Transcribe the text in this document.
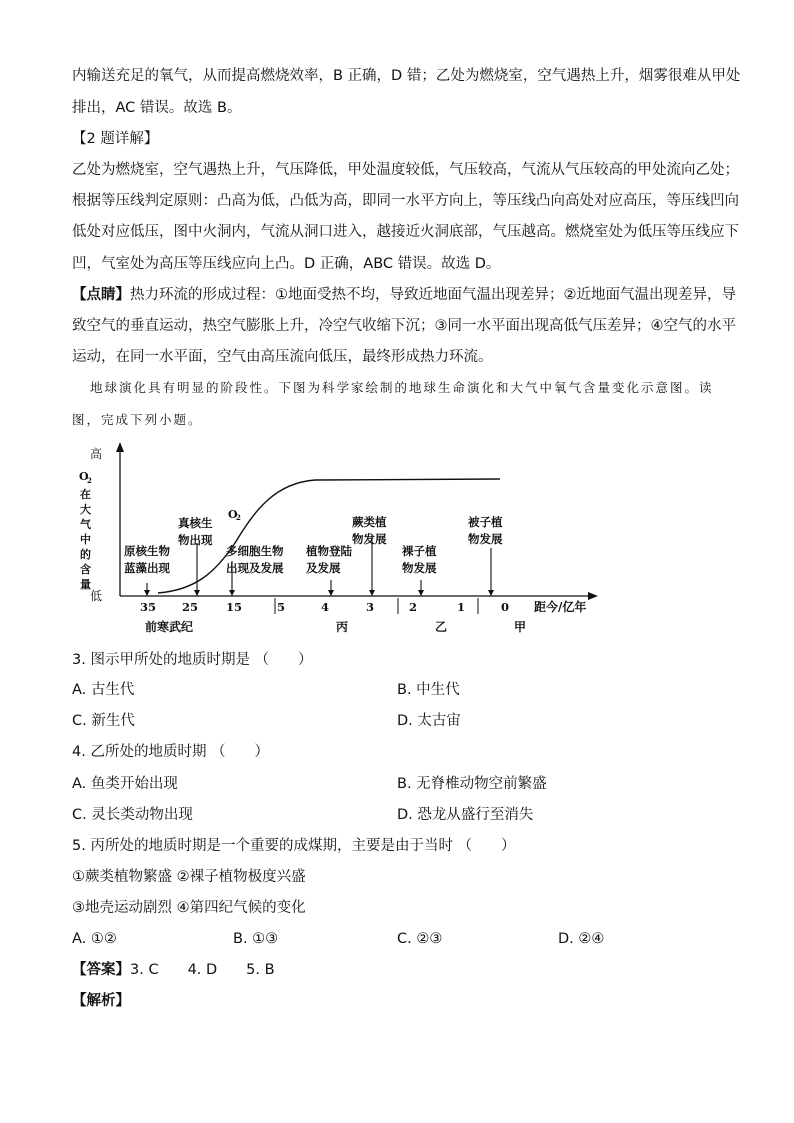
内输送充足的氧气，从而提高燃烧效率，B 正确，D 错；乙处为燃烧室，空气遇热上升，烟雾很难从甲处
排出，AC 错误。故选 B。
【2 题详解】
乙处为燃烧室，空气遇热上升，气压降低，甲处温度较低，气压较高，气流从气压较高的甲处流向乙处；
根据等压线判定原则：凸高为低，凸低为高，即同一水平方向上，等压线凸向高处对应高压，等压线凹向
低处对应低压，图中火洞内，气流从洞口进入，越接近火洞底部，气压越高。燃烧室处为低压等压线应下
凹，气室处为高压等压线应向上凸。D 正确，ABC 错误。故选 D。
【点睛】热力环流的形成过程：①地面受热不均，导致近地面气温出现差异；②近地面气温出现差异，导
致空气的垂直运动，热空气膨胀上升，冷空气收缩下沉；③同一水平面出现高低气压差异；④空气的水平
运动，在同一水平面，空气由高压流向低压，最终形成热力环流。
地球演化具有明显的阶段性。下图为科学家绘制的地球生命演化和大气中氧气含量变化示意图。读
图，完成下列小题。
高
低
O
2
在
大
气
中
的
含
量
O
2
原核生物
蓝藻出现
真核生
物出现
多细胞生物
出现及发展
植物登陆
及发展
蕨类植
物发展
裸子植
物发展
被子植
物发展
35 25 15	5	4	3	2	1	0 距今/亿年
前寒武纪	丙	乙	甲
3. 图示甲所处的地质时期是 （　　）
A. 古生代	B. 中生代
C. 新生代	D. 太古宙
4. 乙所处的地质时期 （　　）
A. 鱼类开始出现	B. 无脊椎动物空前繁盛
C. 灵长类动物出现	D. 恐龙从盛行至消失
5. 丙所处的地质时期是一个重要的成煤期，主要是由于当时 （　　）
①蕨类植物繁盛 ②裸子植物极度兴盛
③地壳运动剧烈 ④第四纪气候的变化
A. ①②	B. ①③	C. ②③	D. ②④
【答案】3. C　　4. D　　5. B
【解析】
